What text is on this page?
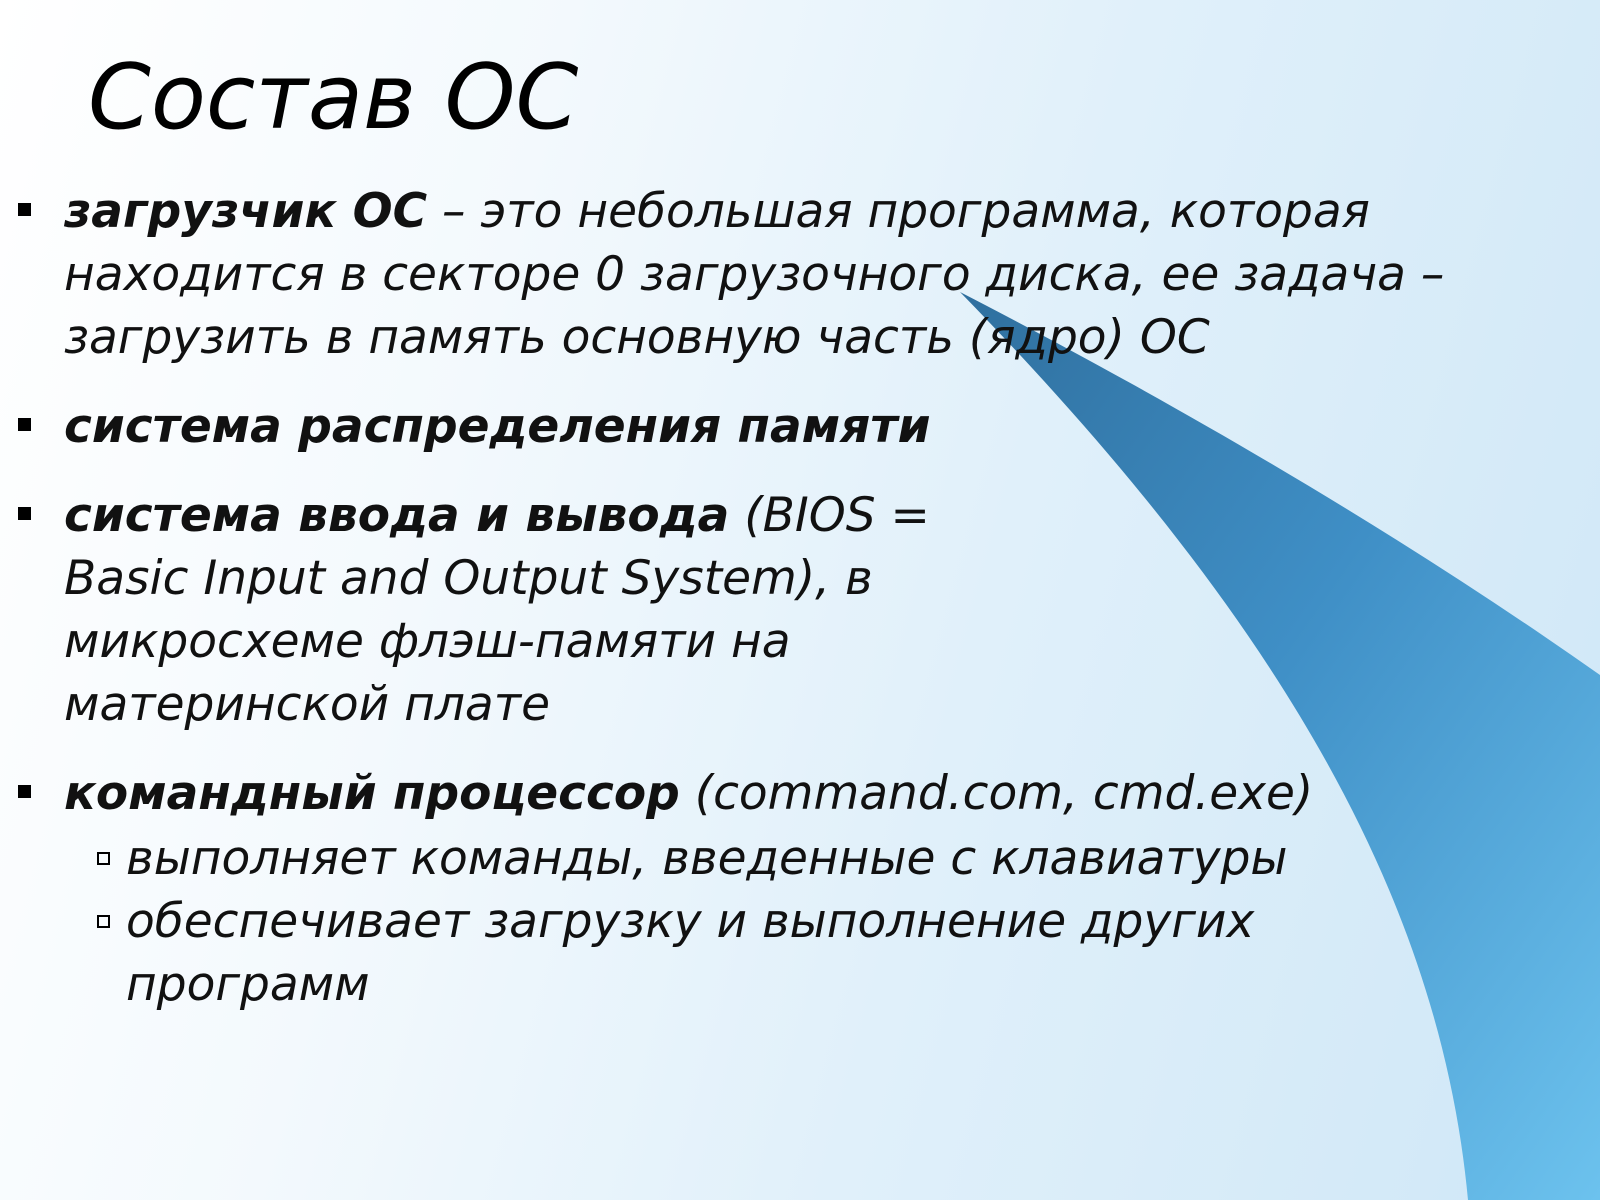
Состав ОС
загрузчик ОС – это небольшая программа, которая находится в секторе 0 загрузочного диска, ее задача – загрузить в память основную часть (ядро) ОС
система распределения памяти
система ввода и вывода (BIOS = Basic Input and Output System), в микросхеме флэш-памяти на материнской плате
командный процессор (command.com, cmd.exe)
выполняет команды, введенные с клавиатуры
обеспечивает загрузку и выполнение других программ
